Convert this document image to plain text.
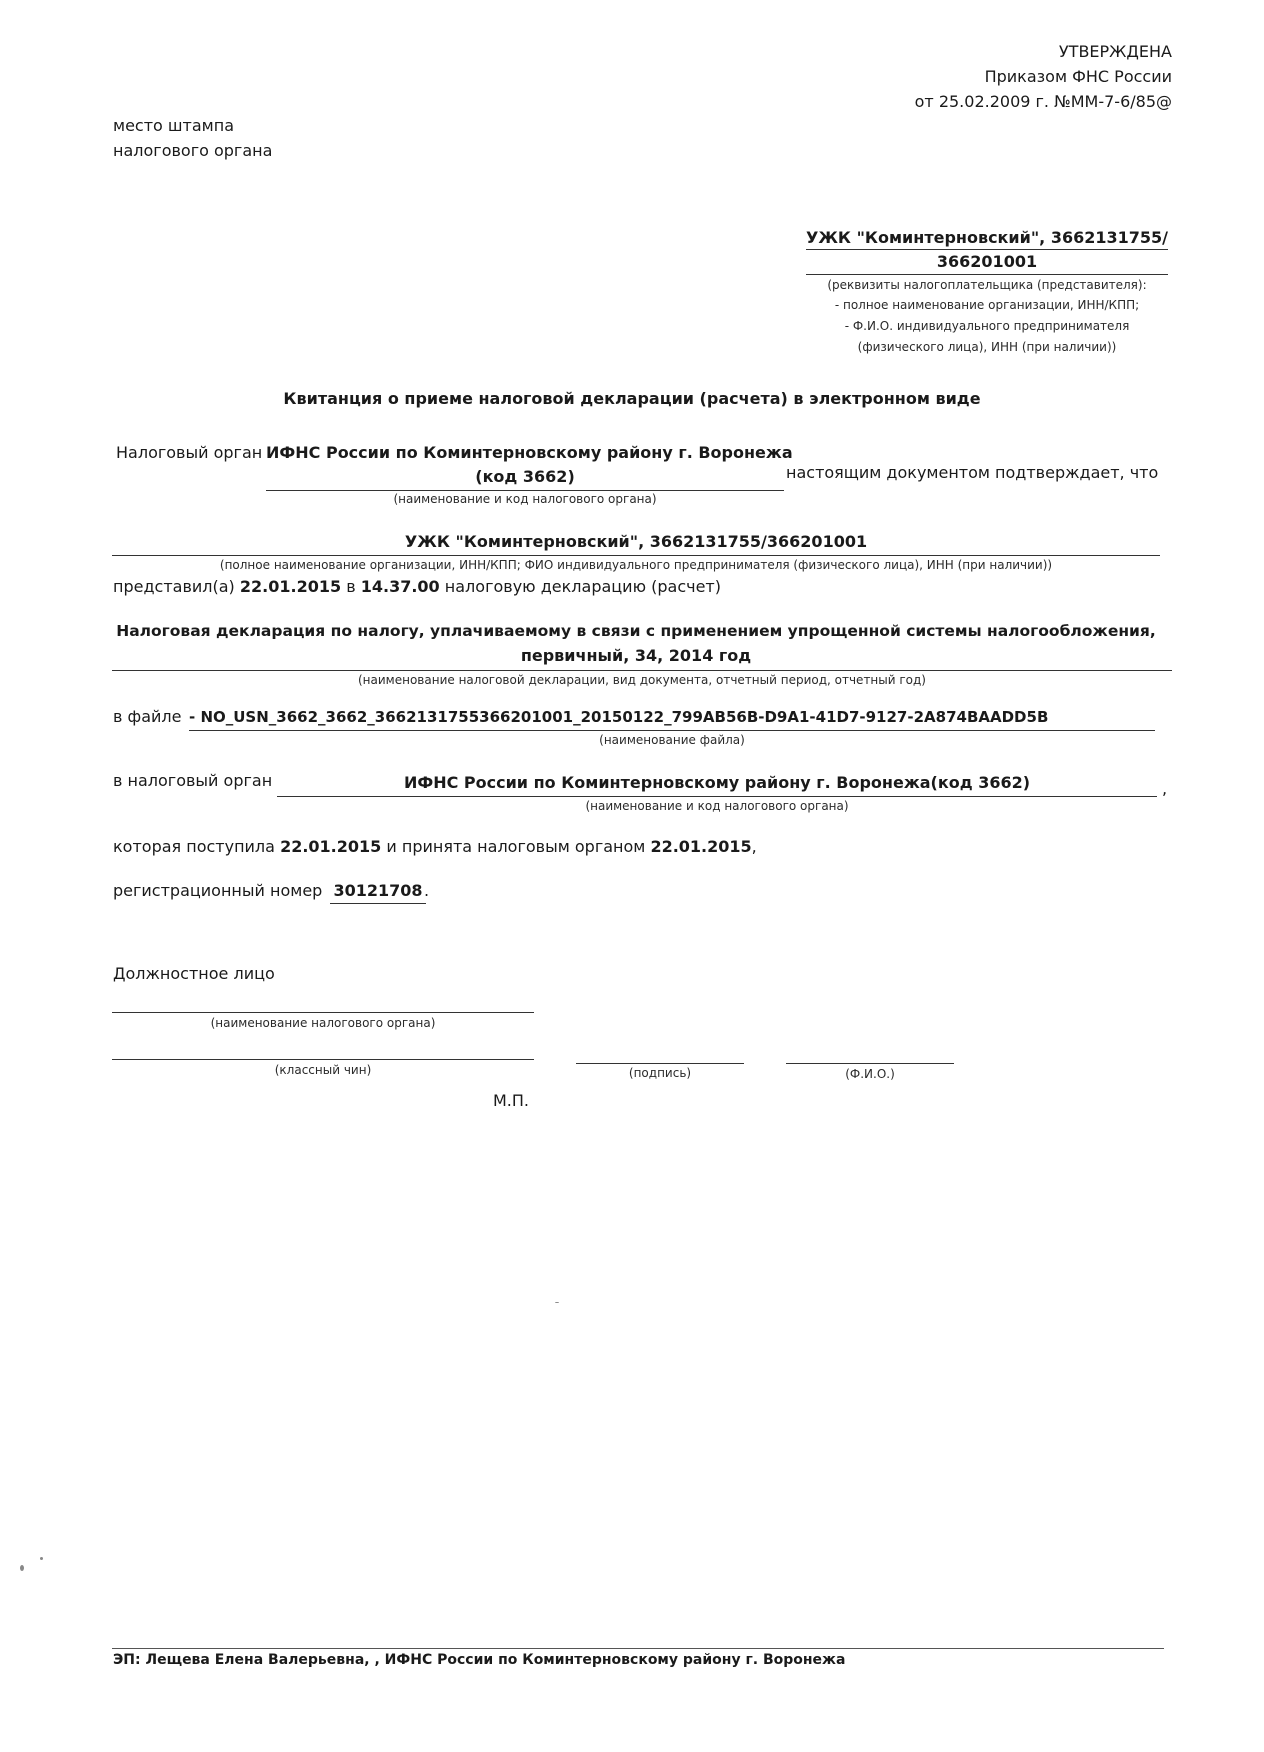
УТВЕРЖДЕНА
Приказом ФНС России
от 25.02.2009 г. №ММ-7-6/85@
место штампа
налогового органа
УЖК "Коминтерновский", 3662131755/
366201001
(реквизиты налогоплательщика (представителя):
- полное наименование организации, ИНН/КПП;
- Ф.И.О. индивидуального предпринимателя
(физического лица), ИНН (при наличии))
Квитанция о приеме налоговой декларации (расчета) в электронном виде
Налоговый орган ИФНС России по Коминтерновскому району г. Воронежа
(код 3662)	настоящим документом подтверждает, что
(наименование и код налогового органа)
УЖК "Коминтерновский", 3662131755/366201001
(полное наименование организации, ИНН/КПП; ФИО индивидуального предпринимателя (физического лица), ИНН (при наличии))
представил(а) 22.01.2015 в 14.37.00 налоговую декларацию (расчет)
Налоговая декларация по налогу, уплачиваемому в связи с применением упрощенной системы налогообложения,
первичный, 34, 2014 год
(наименование налоговой декларации, вид документа, отчетный период, отчетный год)
в файле - NO_USN_3662_3662_3662131755366201001_20150122_799AB56B-D9A1-41D7-9127-2A874BAADD5B
(наименование файла)
в налоговый орган	ИФНС России по Коминтерновскому району г. Воронежа(код 3662)	,
(наименование и код налогового органа)
которая поступила 22.01.2015 и принята налоговым органом 22.01.2015,
регистрационный номер 30121708 .
Должностное лицо
(наименование налогового органа)
(классный чин)	(подпись)	(Ф.И.О.)
М.П.
ЭП: Лещева Елена Валерьевна, , ИФНС России по Коминтерновскому району г. Воронежа
